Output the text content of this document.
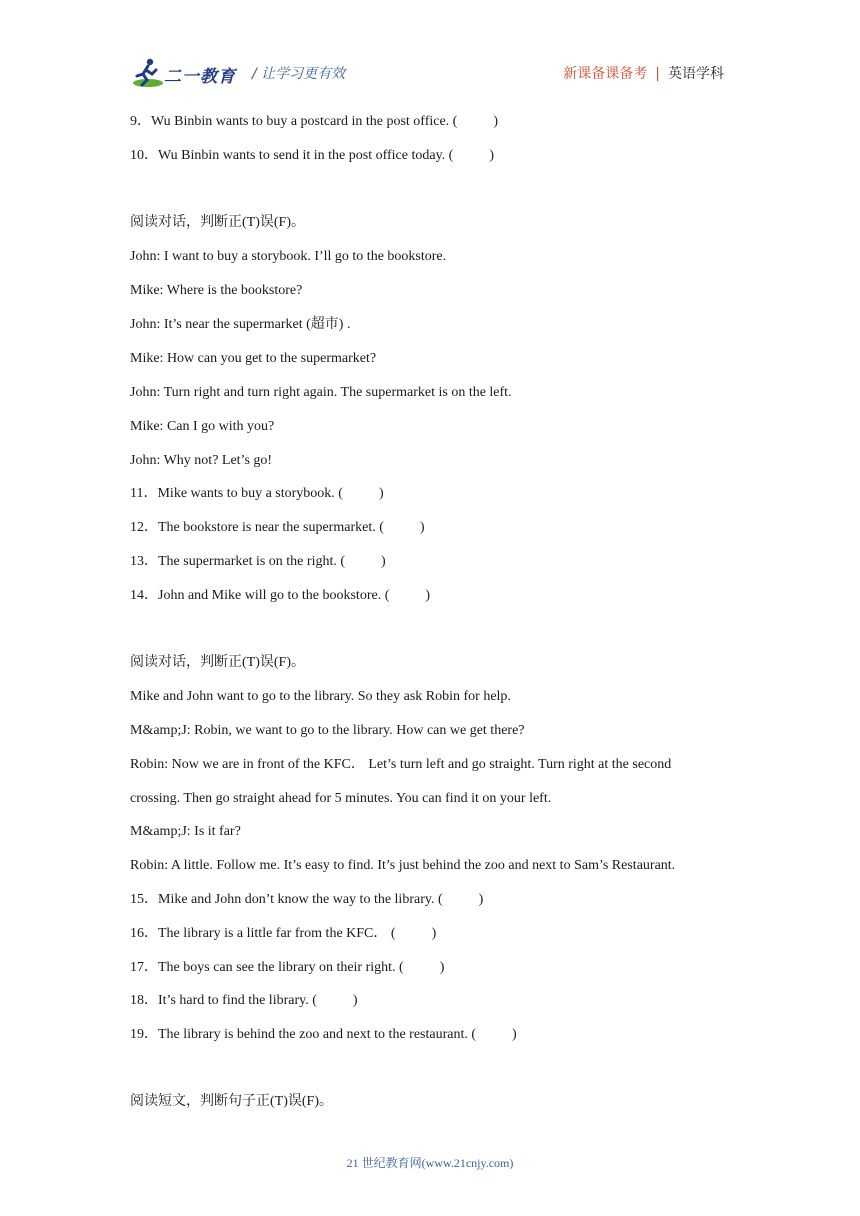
二一教育 / 让学习更有效	新课备课备考 | 英语学科
9．Wu Binbin wants to buy a postcard in the post office. (	)
10．Wu Binbin wants to send it in the post office today. (	)
阅读对话，判断正(T)误(F)。
John: I want to buy a storybook. I’ll go to the bookstore.
Mike: Where is the bookstore?
John: It’s near the supermarket (超市) .
Mike: How can you get to the supermarket?
John: Turn right and turn right again. The supermarket is on the left.
Mike: Can I go with you?
John: Why not? Let’s go!
11．Mike wants to buy a storybook. (	)
12．The bookstore is near the supermarket. (	)
13．The supermarket is on the right. (	)
14．John and Mike will go to the bookstore. (	)
阅读对话，判断正(T)误(F)。
Mike and John want to go to the library. So they ask Robin for help.
M&amp;J: Robin, we want to go to the library. How can we get there?
Robin: Now we are in front of the KFC． Let’s turn left and go straight. Turn right at the second
crossing. Then go straight ahead for 5 minutes. You can find it on your left.
M&amp;J: Is it far?
Robin: A little. Follow me. It’s easy to find. It’s just behind the zoo and next to Sam’s Restaurant.
15．Mike and John don’t know the way to the library. (	)
16．The library is a little far from the KFC． (	)
17．The boys can see the library on their right. (	)
18．It’s hard to find the library. (	)
19．The library is behind the zoo and next to the restaurant. (	)
阅读短文，判断句子正(T)误(F)。
21 世纪教育网(www.21cnjy.com)
